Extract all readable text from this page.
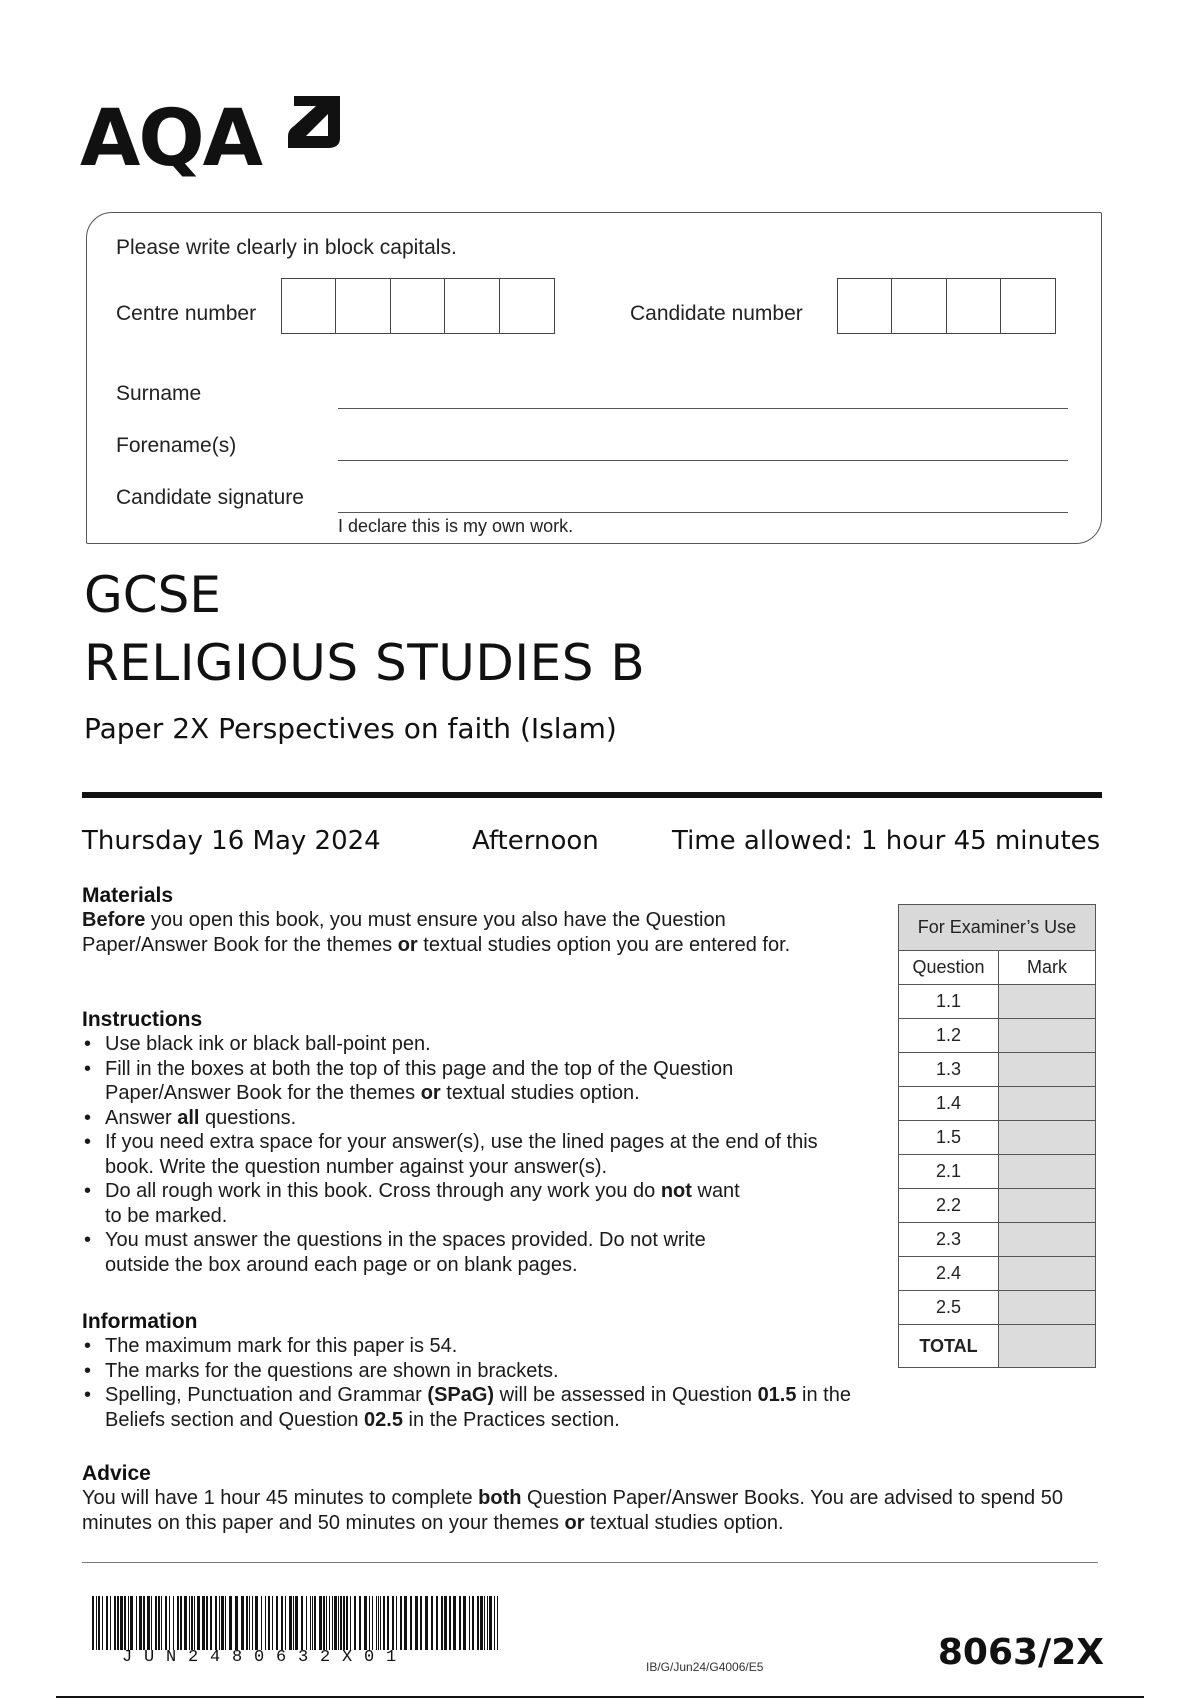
AQA
Please write clearly in block capitals.
Centre number	Candidate number
Surname
Forename(s)
Candidate signature
I declare this is my own work.
GCSE
RELIGIOUS STUDIES B
Paper 2X Perspectives on faith (Islam)
Thursday 16 May 2024	Afternoon	Time allowed: 1 hour 45 minutes
Materials
Before you open this book, you must ensure you also have the Question Paper/Answer Book for the themes or textual studies option you are entered for.
Instructions
• Use black ink or black ball-point pen.
• Fill in the boxes at both the top of this page and the top of the Question Paper/Answer Book for the themes or textual studies option.
• Answer all questions.
• If you need extra space for your answer(s), use the lined pages at the end of this book. Write the question number against your answer(s).
• Do all rough work in this book. Cross through any work you do not want to be marked.
• You must answer the questions in the spaces provided. Do not write outside the box around each page or on blank pages.
Information
• The maximum mark for this paper is 54.
• The marks for the questions are shown in brackets.
• Spelling, Punctuation and Grammar (SPaG) will be assessed in Question 01.5 in the Beliefs section and Question 02.5 in the Practices section.
Advice
You will have 1 hour 45 minutes to complete both Question Paper/Answer Books. You are advised to spend 50 minutes on this paper and 50 minutes on your themes or textual studies option.
For Examiner’s Use	
Question	Mark
1.1	
1.2	
1.3	
1.4	
1.5	
2.1	
2.2	
2.3	
2.4	
2.5	
TOTAL	
JUN2480632X01	IB/G/Jun24/G4006/E5	8063/2X
